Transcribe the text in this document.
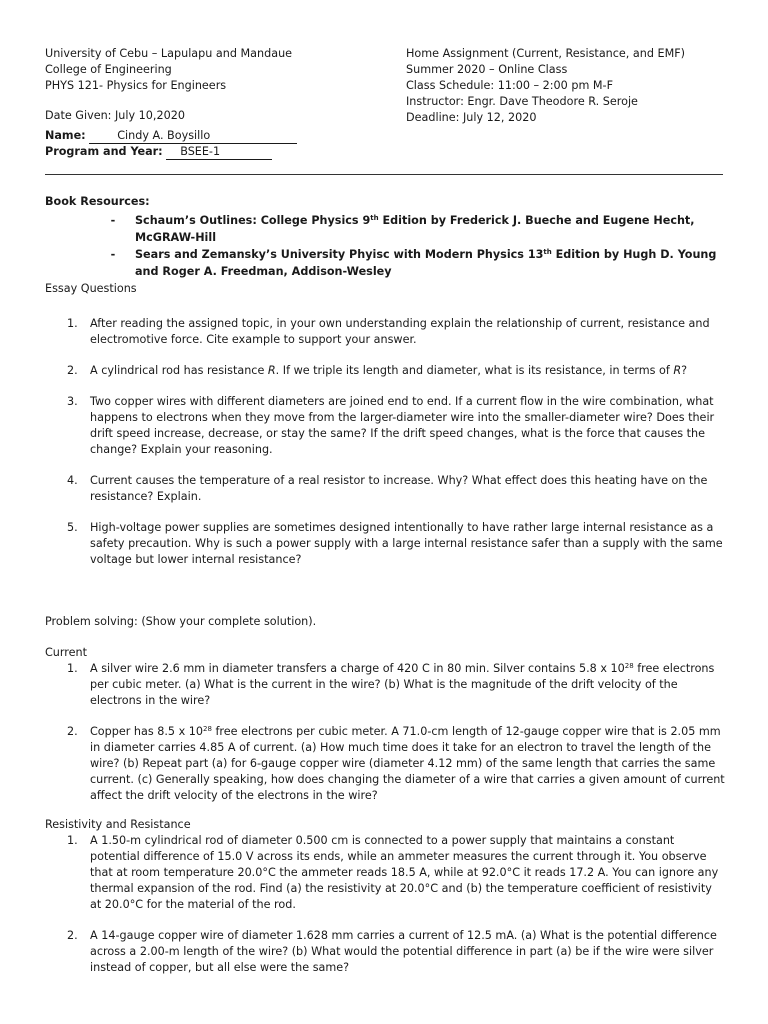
University of Cebu – Lapulapu and Mandaue
College of Engineering
PHYS 121- Physics for Engineers
Date Given: July 10,2020
Home Assignment (Current, Resistance, and EMF)
Summer 2020 – Online Class
Class Schedule: 11:00 – 2:00 pm M-F
Instructor: Engr. Dave Theodore R. Seroje
Deadline: July 12, 2020
Name:	Cindy A. Boysillo
Program and Year: BSEE-1
Book Resources:
-	Schaum’s Outlines: College Physics 9th Edition by Frederick J. Bueche and Eugene Hecht, McGRAW-Hill
-	Sears and Zemansky’s University Phyisc with Modern Physics 13th Edition by Hugh D. Young and Roger A. Freedman, Addison-Wesley
Essay Questions
1. After reading the assigned topic, in your own understanding explain the relationship of current, resistance and electromotive force. Cite example to support your answer.
2. A cylindrical rod has resistance R. If we triple its length and diameter, what is its resistance, in terms of R?
3. Two copper wires with different diameters are joined end to end. If a current flow in the wire combination, what happens to electrons when they move from the larger-diameter wire into the smaller-diameter wire? Does their drift speed increase, decrease, or stay the same? If the drift speed changes, what is the force that causes the change? Explain your reasoning.
4. Current causes the temperature of a real resistor to increase. Why? What effect does this heating have on the resistance? Explain.
5. High-voltage power supplies are sometimes designed intentionally to have rather large internal resistance as a safety precaution. Why is such a power supply with a large internal resistance safer than a supply with the same voltage but lower internal resistance?
Problem solving: (Show your complete solution).
Current
1. A silver wire 2.6 mm in diameter transfers a charge of 420 C in 80 min. Silver contains 5.8 x $10^{28}$ free electrons per cubic meter. (a) What is the current in the wire? (b) What is the magnitude of the drift velocity of the electrons in the wire?
2. Copper has 8.5 x $10^{28}$ free electrons per cubic meter. A 71.0-cm length of 12-gauge copper wire that is 2.05 mm in diameter carries 4.85 A of current. (a) How much time does it take for an electron to travel the length of the wire? (b) Repeat part (a) for 6-gauge copper wire (diameter 4.12 mm) of the same length that carries the same current. (c) Generally speaking, how does changing the diameter of a wire that carries a given amount of current affect the drift velocity of the electrons in the wire?
Resistivity and Resistance
1. A 1.50-m cylindrical rod of diameter 0.500 cm is connected to a power supply that maintains a constant potential difference of 15.0 V across its ends, while an ammeter measures the current through it. You observe that at room temperature 20.0°C the ammeter reads 18.5 A, while at 92.0°C it reads 17.2 A. You can ignore any thermal expansion of the rod. Find (a) the resistivity at 20.0°C and (b) the temperature coefficient of resistivity at 20.0°C for the material of the rod.
2. A 14-gauge copper wire of diameter 1.628 mm carries a current of 12.5 mA. (a) What is the potential difference across a 2.00-m length of the wire? (b) What would the potential difference in part (a) be if the wire were silver instead of copper, but all else were the same?
